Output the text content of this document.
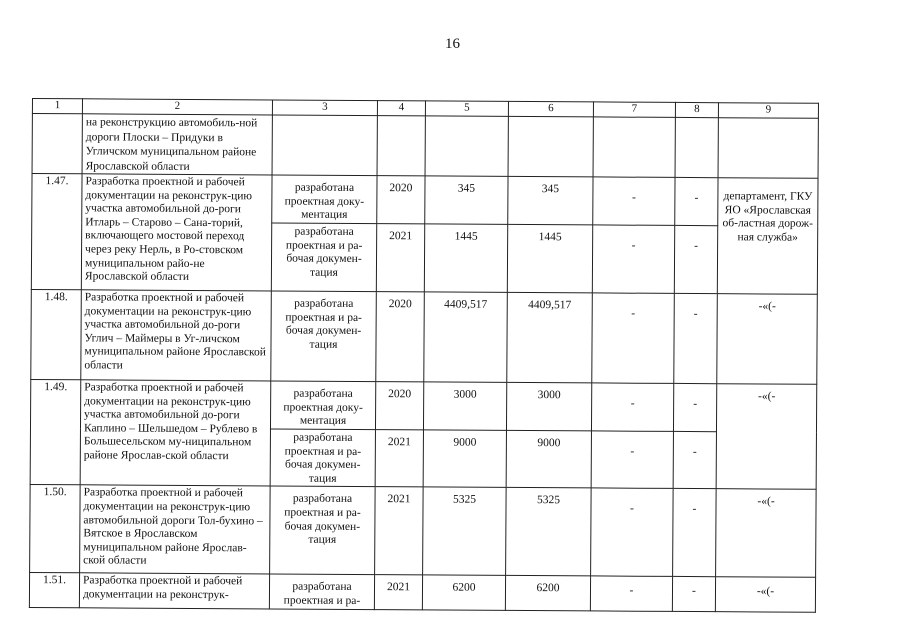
16
1	2	3	4	5	6	7	8	9
	на реконструкцию автомобиль-ной дороги Плоски – Придуки в Угличском муниципальном районе Ярославской области							
1.47.	Разработка проектной и рабочей документации на реконструк-цию участка автомобильной до-роги Итларь – Старово – Сана-торий, включающего мостовой переход через реку Нерль, в Ро-стовском муниципальном райо-не Ярославской области	разработана проектная доку-ментация	2020	345	345	-	-	департамент, ГКУ ЯО «Ярославская об-ластная дорож-ная служба»
		разработана проектная и ра-бочая докумен-тация	2021	1445	1445	-	-	
1.48.	Разработка проектной и рабочей документации на реконструк-цию участка автомобильной до-роги Углич – Маймеры в Уг-личском муниципальном районе Ярославской области	разработана проектная и ра-бочая докумен-тация	2020	4409,517	4409,517	-	-	-«(-
1.49.	Разработка проектной и рабочей документации на реконструк-цию участка автомобильной до-роги Каплино – Шельшедом – Рублево в Большесельском му-ниципальном районе Ярослав-ской области	разработана проектная доку-ментация	2020	3000	3000	-	-	-«(-
		разработана проектная и ра-бочая докумен-тация	2021	9000	9000	-	-	
1.50.	Разработка проектной и рабочей документации на реконструк-цию автомобильной дороги Тол-бухино – Вятское в Ярославском муниципальном районе Ярослав-ской области	разработана проектная и ра-бочая докумен-тация	2021	5325	5325	-	-	-«(-
1.51.	Разработка проектной и рабочей документации на реконструк-	разработана проектная и ра-	2021	6200	6200	-	-	-«(-
